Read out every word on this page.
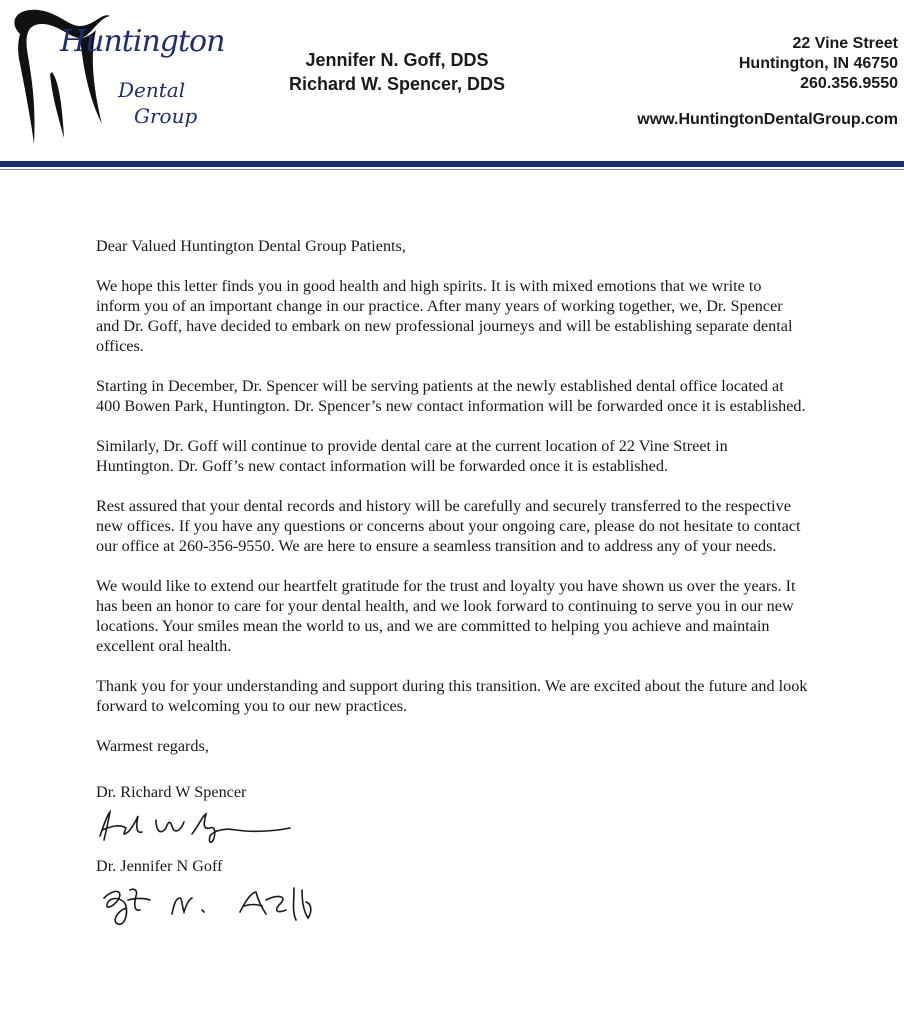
Huntington
Dental
Group
Jennifer N. Goff, DDS
Richard W. Spencer, DDS
22 Vine Street
Huntington, IN 46750
260.356.9550
www.HuntingtonDentalGroup.com

Dear Valued Huntington Dental Group Patients,

We hope this letter finds you in good health and high spirits. It is with mixed emotions that we write to inform you of an important change in our practice. After many years of working together, we, Dr. Spencer and Dr. Goff, have decided to embark on new professional journeys and will be establishing separate dental offices.

Starting in December, Dr. Spencer will be serving patients at the newly established dental office located at 400 Bowen Park, Huntington. Dr. Spencer’s new contact information will be forwarded once it is established.

Similarly, Dr. Goff will continue to provide dental care at the current location of 22 Vine Street in Huntington. Dr. Goff’s new contact information will be forwarded once it is established.

Rest assured that your dental records and history will be carefully and securely transferred to the respective new offices. If you have any questions or concerns about your ongoing care, please do not hesitate to contact our office at 260-356-9550. We are here to ensure a seamless transition and to address any of your needs.

We would like to extend our heartfelt gratitude for the trust and loyalty you have shown us over the years. It has been an honor to care for your dental health, and we look forward to continuing to serve you in our new locations. Your smiles mean the world to us, and we are committed to helping you achieve and maintain excellent oral health.

Thank you for your understanding and support during this transition. We are excited about the future and look forward to welcoming you to our new practices.

Warmest regards,

Dr. Richard W Spencer

Dr. Jennifer N Goff
